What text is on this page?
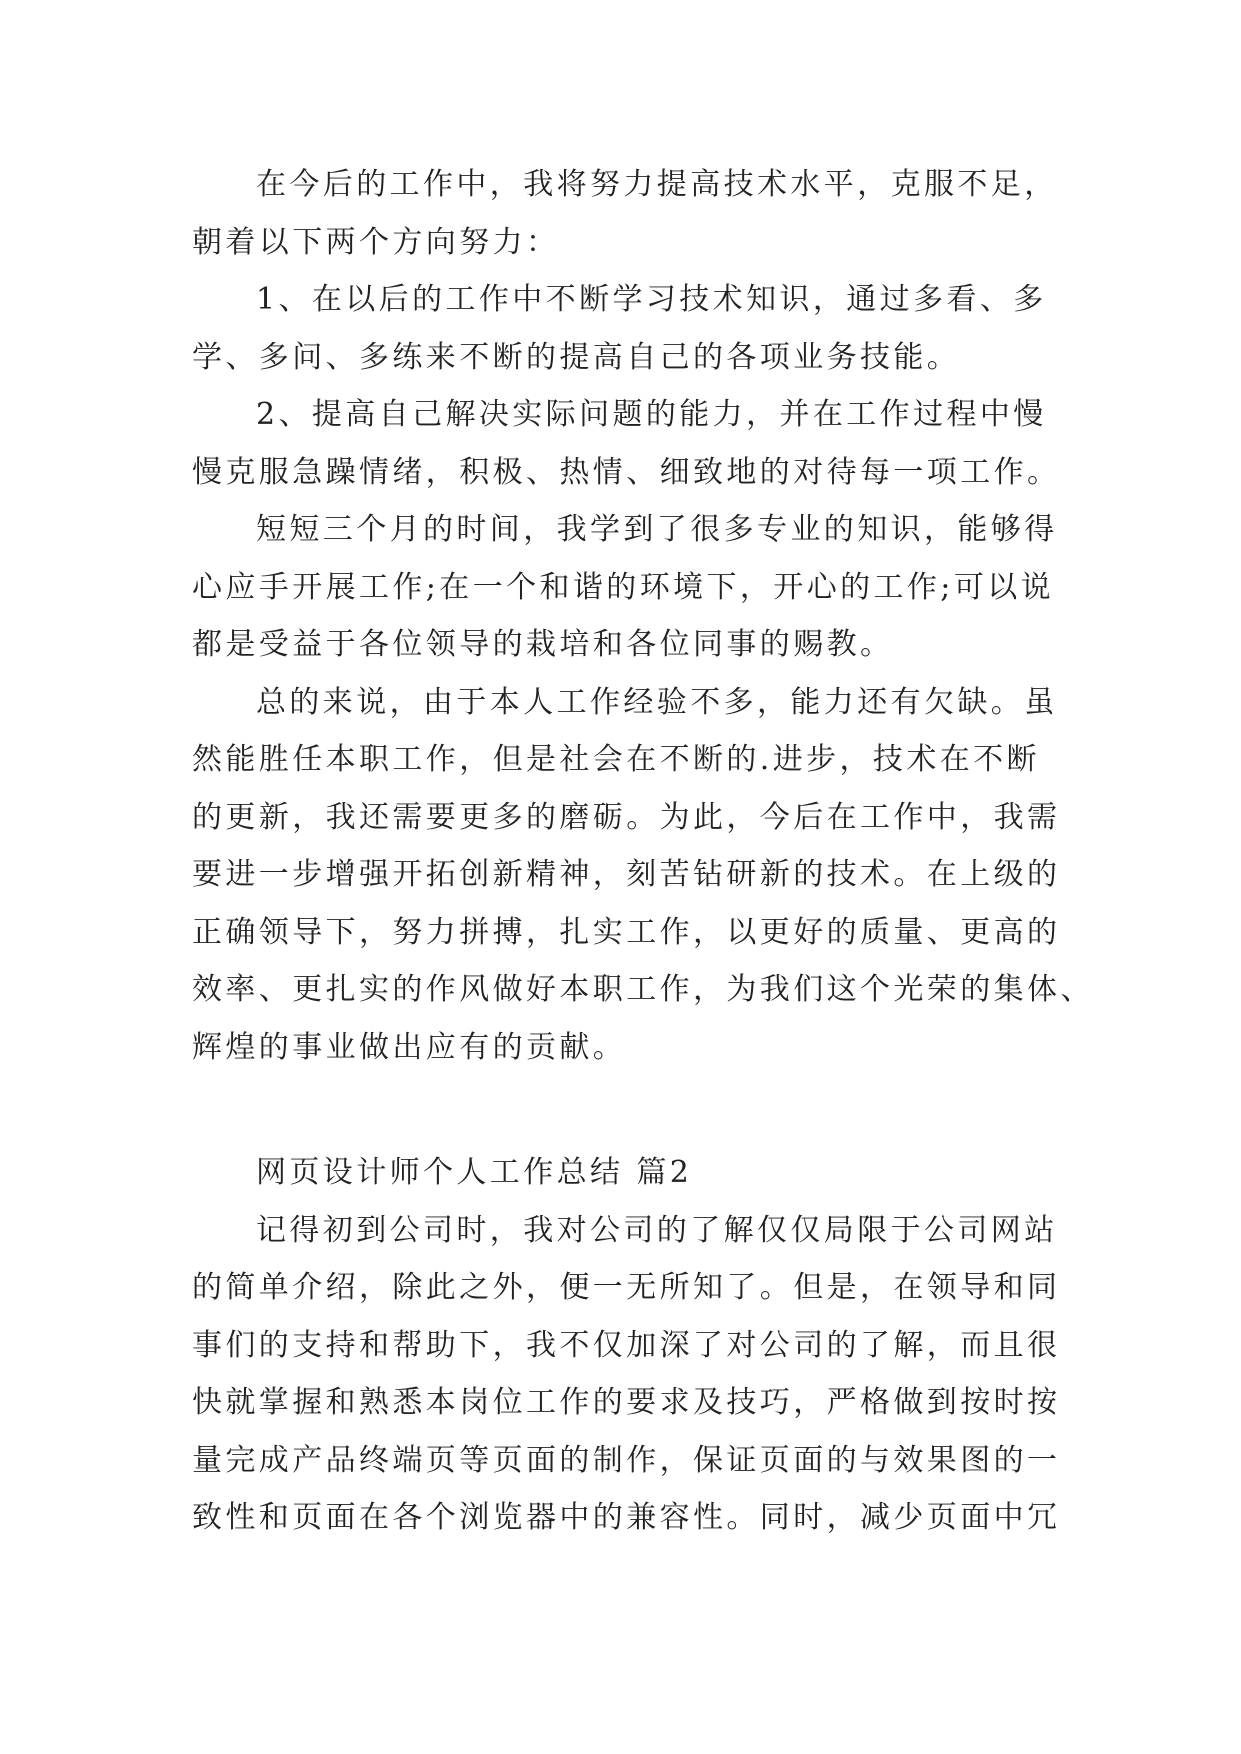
在今后的工作中，我将努力提高技术水平，克服不足，
朝着以下两个方向努力：
1、在以后的工作中不断学习技术知识，通过多看、多
学、多问、多练来不断的提高自己的各项业务技能。
2、提高自己解决实际问题的能力，并在工作过程中慢
慢克服急躁情绪，积极、热情、细致地的对待每一项工作。
短短三个月的时间，我学到了很多专业的知识，能够得
心应手开展工作;在一个和谐的环境下，开心的工作;可以说
都是受益于各位领导的栽培和各位同事的赐教。
总的来说，由于本人工作经验不多，能力还有欠缺。虽
然能胜任本职工作，但是社会在不断的.进步，技术在不断
的更新，我还需要更多的磨砺。为此，今后在工作中，我需
要进一步增强开拓创新精神，刻苦钻研新的技术。在上级的
正确领导下，努力拼搏，扎实工作，以更好的质量、更高的
效率、更扎实的作风做好本职工作，为我们这个光荣的集体、
辉煌的事业做出应有的贡献。
网页设计师个人工作总结 篇2
记得初到公司时，我对公司的了解仅仅局限于公司网站
的简单介绍，除此之外，便一无所知了。但是，在领导和同
事们的支持和帮助下，我不仅加深了对公司的了解，而且很
快就掌握和熟悉本岗位工作的要求及技巧，严格做到按时按
量完成产品终端页等页面的制作，保证页面的与效果图的一
致性和页面在各个浏览器中的兼容性。同时，减少页面中冗
